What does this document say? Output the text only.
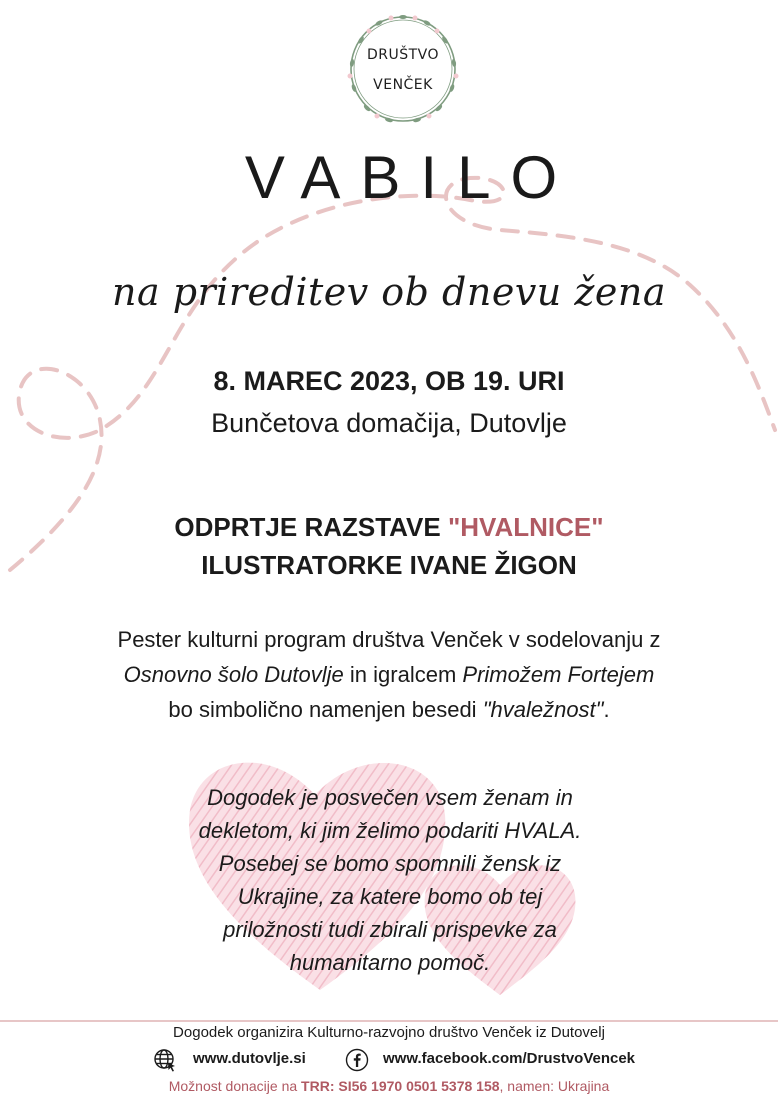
DRUŠTVO
VENČEK
VABILO
na prireditev ob dnevu žena
8. MAREC 2023, OB 19. URI
Bunčetova domačija, Dutovlje
ODPRTJE RAZSTAVE "HVALNICE"
ILUSTRATORKE IVANE ŽIGON
Pester kulturni program društva Venček v sodelovanju z
Osnovno šolo Dutovlje in igralcem Primožem Fortejem
bo simbolično namenjen besedi "hvaležnost".
Dogodek je posvečen vsem ženam in
dekletom, ki jim želimo podariti HVALA.
Posebej se bomo spomnili žensk iz
Ukrajine, za katere bomo ob tej
priložnosti tudi zbirali prispevke za
humanitarno pomoč.
Dogodek organizira Kulturno-razvojno društvo Venček iz Dutovelj
www.dutovlje.si	www.facebook.com/DrustvoVencek
Možnost donacije na TRR: SI56 1970 0501 5378 158, namen: Ukrajina
